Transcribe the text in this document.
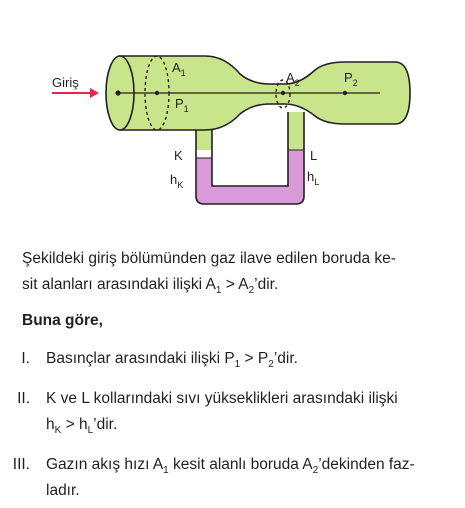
Giriş
$A_1$	$A_2$
$P_1$
$P_2$
K
$h_K$
L
$h_L$
Şekildeki giriş bölümünden gaz ilave edilen boruda ke-
sit alanları arasındaki ilişki $A_1$ > $A_2’dir$.
Buna göre,
I. Basınçlar arasındaki ilişki $P_1$ > $P_2’dir$.
II. K ve L kollarındaki sıvı yükseklikleri arasındaki ilişki
$h_K$ > $h_L’dir$.
III. Gazın akış hızı $A_1$ kesit alanlı boruda $A_2’dekinden$ faz-
ladır.
